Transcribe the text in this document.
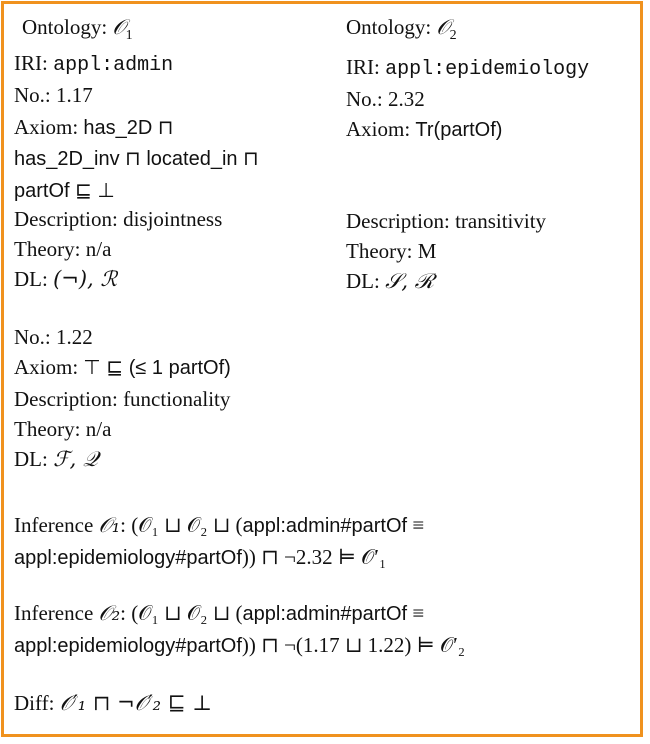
Ontology: 𝒪$_1$
IRI: appl:admin
No.: 1.17
Axiom: has_2D ⊓
has_2D_inv ⊓ located_in ⊓
partOf ⊑ ⊥
Description: disjointness
Theory: n/a
DL: (¬), ℛ
Ontology: 𝒪$_2$
IRI: appl:epidemiology
No.: 2.32
Axiom: Tr(partOf)
Description: transitivity
Theory: M
DL: 𝒮, ℛ
No.: 1.22
Axiom: ⊤ ⊑ (≤ 1 partOf)
Description: functionality
Theory: n/a
DL: ℱ, 𝒬
Inference 𝒪₁: (𝒪₁ ⊔ 𝒪₂ ⊔ (appl:admin#partOf ≡
appl:epidemiology#partOf)) ⊓ ¬2.32 ⊨ 𝒪′₁
Inference 𝒪₂: (𝒪₁ ⊔ 𝒪₂ ⊔ (appl:admin#partOf ≡
appl:epidemiology#partOf)) ⊓ ¬(1.17 ⊔ 1.22) ⊨ 𝒪′₂
Diff: 𝒪′₁ ⊓ ¬𝒪′₂ ⊑ ⊥
